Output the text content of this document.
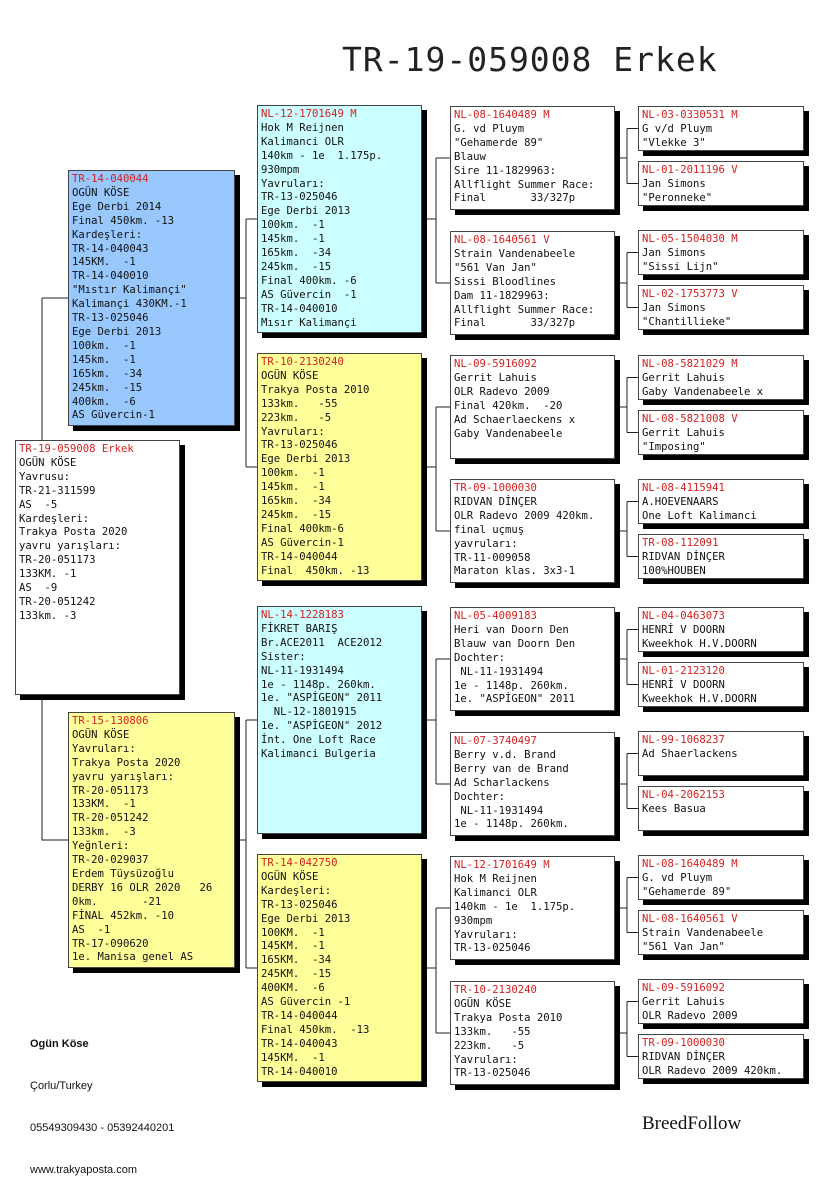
TR-19-059008 Erkek
TR-19-059008 Erkek
OGÜN KÖSE
Yavrusu:
TR-21-311599
AS  -5
Kardeşleri:
Trakya Posta 2020
yavru yarışları:
TR-20-051173
133KM. -1
AS  -9
TR-20-051242
133km. -3
TR-14-040044
OGÜN KÖSE
Ege Derbi 2014
Final 450km. -13
Kardeşleri:
TR-14-040043
145KM.  -1
TR-14-040010
"Mıstır Kalimançi"
Kalimançi 430KM.-1
TR-13-025046
Ege Derbi 2013
100km.  -1
145km.  -1
165km.  -34
245km.  -15
400km.  -6
AS Güvercin-1
TR-15-130806
OGÜN KÖSE
Yavruları:
Trakya Posta 2020
yavru yarışları:
TR-20-051173
133KM.  -1
TR-20-051242
133km.  -3
Yeğnleri:
TR-20-029037
Erdem Tüysüzoğlu
DERBY 16 OLR 2020   26
0km.       -21
FİNAL 452km. -10
AS  -1
TR-17-090620
1e. Manisa genel AS
NL-12-1701649 M
Hok M Reijnen
Kalimanci OLR
140km - 1e  1.175p.
930mpm
Yavruları:
TR-13-025046
Ege Derbi 2013
100km.  -1
145km.  -1
165km.  -34
245km.  -15
Final 400km. -6
AS Güvercin  -1
TR-14-040010
Mısır Kalimançi
TR-10-2130240
OGÜN KÖSE
Trakya Posta 2010
133km.   -55
223km.   -5
Yavruları:
TR-13-025046
Ege Derbi 2013
100km.  -1
145km.  -1
165km.  -34
245km.  -15
Final 400km-6
AS Güvercin-1
TR-14-040044
Final  450km. -13
NL-14-1228183
FİKRET BARIŞ
Br.ACE2011  ACE2012
Sister:
NL-11-1931494
1e - 1148p. 260km.
1e. "ASPİGEON" 2011
NL-12-1801915
1e. "ASPİGEON" 2012
İnt. One Loft Race
Kalimanci Bulgeria
TR-14-042750
OGÜN KÖSE
Kardeşleri:
TR-13-025046
Ege Derbi 2013
100KM.  -1
145KM.  -1
165KM.  -34
245KM.  -15
400KM.  -6
AS Güvercin -1
TR-14-040044
Final 450km.  -13
TR-14-040043
145KM.  -1
TR-14-040010
NL-08-1640489 M
G. vd Pluym
"Gehamerde 89"
Blauw
Sire 11-1829963:
Allflight Summer Race:
Final       33/327p
NL-08-1640561 V
Strain Vandenabeele
"561 Van Jan"
Sissi Bloodlines
Dam 11-1829963:
Allflight Summer Race:
Final       33/327p
NL-09-5916092
Gerrit Lahuis
OLR Radevo 2009
Final 420km.  -20
Ad Schaerlaeckens x
Gaby Vandenabeele
TR-09-1000030
RIDVAN DİNÇER
OLR Radevo 2009 420km.
final uçmuş
yavruları:
TR-11-009058
Maraton klas. 3x3-1
NL-05-4009183
Heri van Doorn Den
Blauw van Doorn Den
Dochter:
NL-11-1931494
1e - 1148p. 260km.
1e. "ASPİGEON" 2011
NL-07-3740497
Berry v.d. Brand
Berry van de Brand
Ad Scharlackens
Dochter:
NL-11-1931494
1e - 1148p. 260km.
NL-12-1701649 M
Hok M Reijnen
Kalimanci OLR
140km - 1e  1.175p.
930mpm
Yavruları:
TR-13-025046
TR-10-2130240
OGÜN KÖSE
Trakya Posta 2010
133km.   -55
223km.   -5
Yavruları:
TR-13-025046
NL-03-0330531 M
G v/d Pluym
"Vlekke 3"
NL-01-2011196 V
Jan Simons
"Peronneke"
NL-05-1504030 M
Jan Simons
"Sissi Lijn"
NL-02-1753773 V
Jan Simons
"Chantillieke"
NL-08-5821029 M
Gerrit Lahuis
Gaby Vandenabeele x
NL-08-5821008 V
Gerrit Lahuis
"Imposing"
NL-08-4115941
A.HOEVENAARS
One Loft Kalimanci
TR-08-112091
RIDVAN DİNÇER
100%HOUBEN
NL-04-0463073
HENRİ V DOORN
Kweekhok H.V.DOORN
NL-01-2123120
HENRİ V DOORN
Kweekhok H.V.DOORN
NL-99-1068237
Ad Shaerlackens
NL-04-2062153
Kees Basua
NL-08-1640489 M
G. vd Pluym
"Gehamerde 89"
NL-08-1640561 V
Strain Vandenabeele
"561 Van Jan"
NL-09-5916092
Gerrit Lahuis
OLR Radevo 2009
TR-09-1000030
RIDVAN DİNÇER
OLR Radevo 2009 420km.

Ogün Köse

Çorlu/Turkey

05549309430 - 05392440201

www.trakyaposta.com

BreedFollow
